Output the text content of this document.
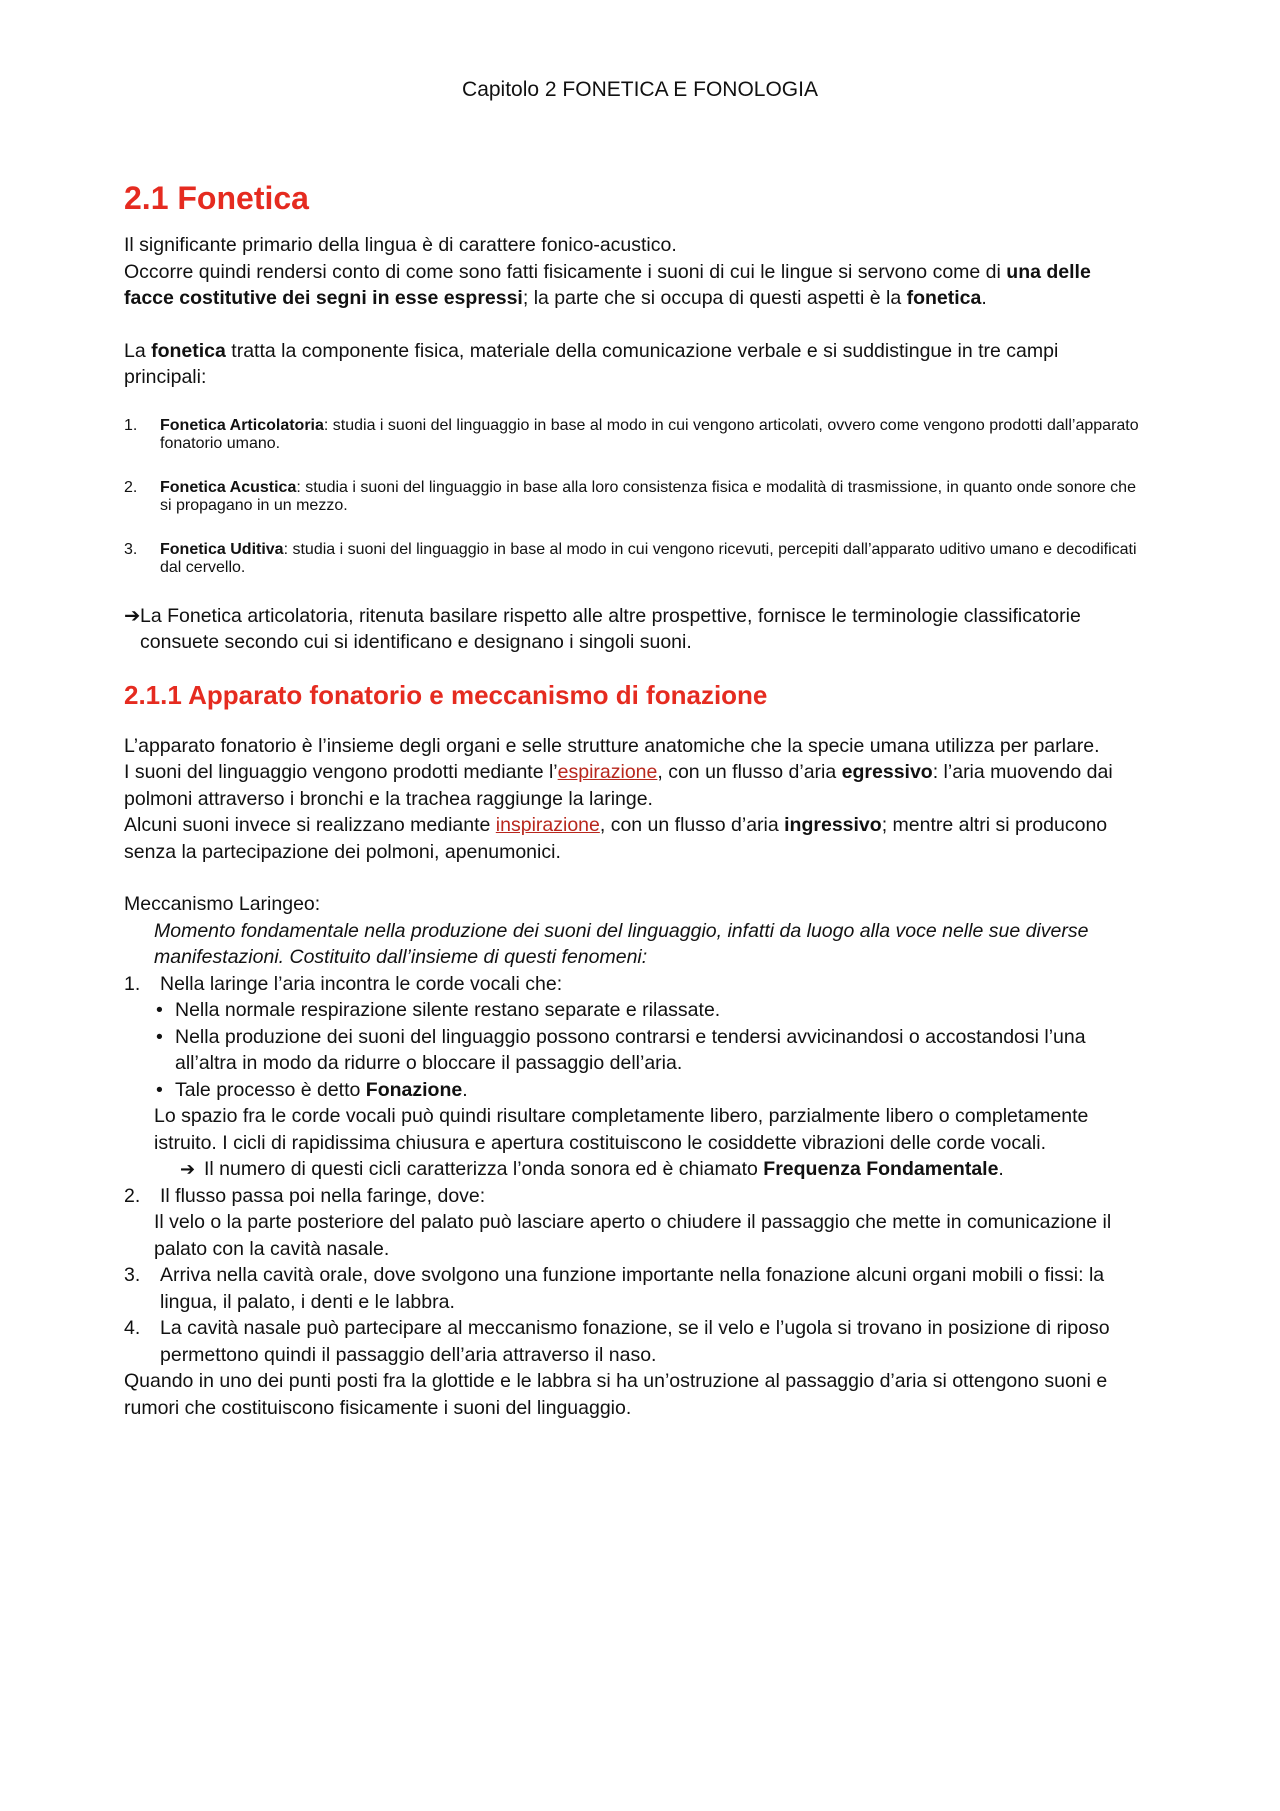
Capitolo 2 FONETICA E FONOLOGIA
2.1 Fonetica

Il significante primario della lingua è di carattere fonico-acustico.

Occorre quindi rendersi conto di come sono fatti fisicamente i suoni di cui le lingue si servono come di una delle facce costitutive dei segni in esse espressi; la parte che si occupa di questi aspetti è la fonetica.

La fonetica tratta la componente fisica, materiale della comunicazione verbale e si suddistingue in tre campi principali:

1. Fonetica Articolatoria: studia i suoni del linguaggio in base al modo in cui vengono articolati, ovvero come vengono prodotti dall’apparato fonatorio umano.
2. Fonetica Acustica: studia i suoni del linguaggio in base alla loro consistenza fisica e modalità di trasmissione, in quanto onde sonore che si propagano in un mezzo.
3. Fonetica Uditiva: studia i suoni del linguaggio in base al modo in cui vengono ricevuti, percepiti dall’apparato uditivo umano e decodificati dal cervello.

➔ La Fonetica articolatoria, ritenuta basilare rispetto alle altre prospettive, fornisce le terminologie classificatorie consuete secondo cui si identificano e designano i singoli suoni.

2.1.1 Apparato fonatorio e meccanismo di fonazione

L’apparato fonatorio è l’insieme degli organi e selle strutture anatomiche che la specie umana utilizza per parlare.

I suoni del linguaggio vengono prodotti mediante l’espirazione, con un flusso d’aria egressivo: l’aria muovendo dai polmoni attraverso i bronchi e la trachea raggiunge la laringe.

Alcuni suoni invece si realizzano mediante inspirazione, con un flusso d’aria ingressivo; mentre altri si producono senza la partecipazione dei polmoni, apenumonici.

Meccanismo Laringeo:

Momento fondamentale nella produzione dei suoni del linguaggio, infatti da luogo alla voce nelle sue diverse manifestazioni. Costituito dall’insieme di questi fenomeni:

1. Nella laringe l’aria incontra le corde vocali che:
• Nella normale respirazione silente restano separate e rilassate.
• Nella produzione dei suoni del linguaggio possono contrarsi e tendersi avvicinandosi o accostandosi l’una all’altra in modo da ridurre o bloccare il passaggio dell’aria.
• Tale processo è detto Fonazione.

Lo spazio fra le corde vocali può quindi risultare completamente libero, parzialmente libero o completamente istruito. I cicli di rapidissima chiusura e apertura costituiscono le cosiddette vibrazioni delle corde vocali.

➔ Il numero di questi cicli caratterizza l’onda sonora ed è chiamato Frequenza Fondamentale.

2. Il flusso passa poi nella faringe, dove:

Il velo o la parte posteriore del palato può lasciare aperto o chiudere il passaggio che mette in comunicazione il palato con la cavità nasale.

3. Arriva nella cavità orale, dove svolgono una funzione importante nella fonazione alcuni organi mobili o fissi: la lingua, il palato, i denti e le labbra.
4. La cavità nasale può partecipare al meccanismo fonazione, se il velo e l’ugola si trovano in posizione di riposo permettono quindi il passaggio dell’aria attraverso il naso.

Quando in uno dei punti posti fra la glottide e le labbra si ha un’ostruzione al passaggio d’aria si ottengono suoni e rumori che costituiscono fisicamente i suoni del linguaggio.
